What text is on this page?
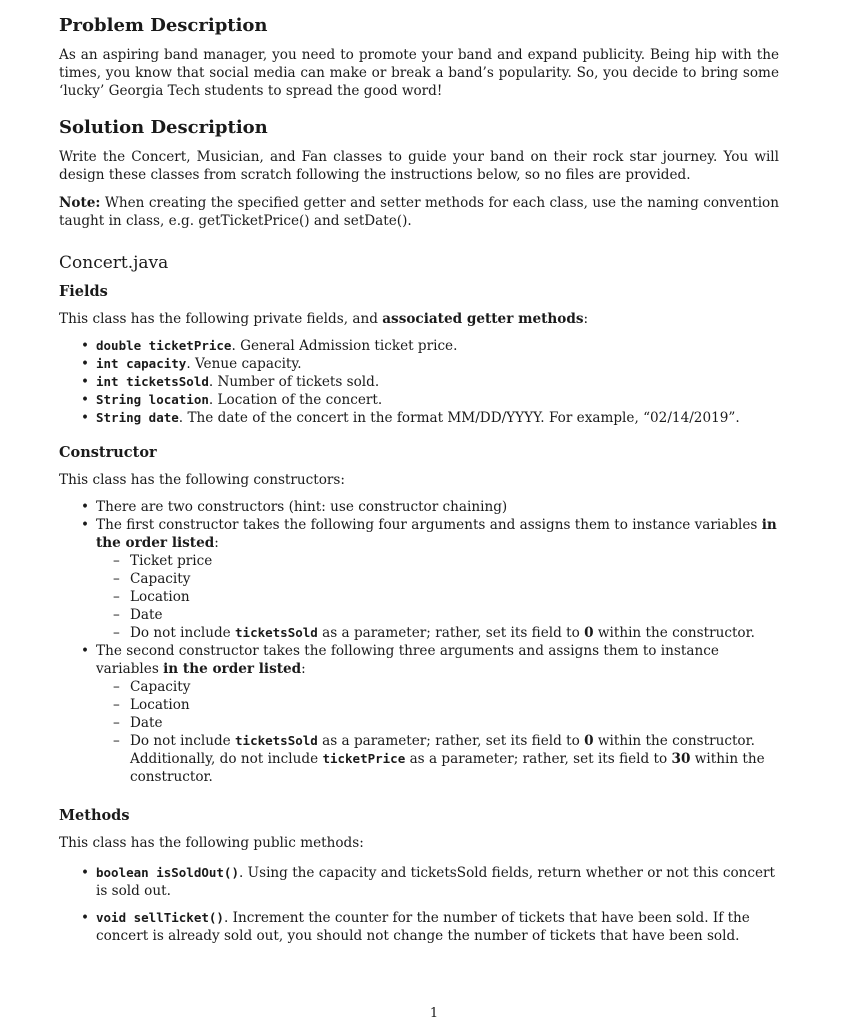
Problem Description

As an aspiring band manager, you need to promote your band and expand publicity. Being hip with the times, you know that social media can make or break a band’s popularity. So, you decide to bring some ‘lucky’ Georgia Tech students to spread the good word!

Solution Description

Write the Concert, Musician, and Fan classes to guide your band on their rock star journey. You will design these classes from scratch following the instructions below, so no files are provided.

Note: When creating the specified getter and setter methods for each class, use the naming convention taught in class, e.g. getTicketPrice() and setDate().

Concert.java
Fields

This class has the following private fields, and associated getter methods:

• double ticketPrice. General Admission ticket price.
• int capacity. Venue capacity.
• int ticketsSold. Number of tickets sold.
• String location. Location of the concert.
• String date. The date of the concert in the format MM/DD/YYYY. For example, “02/14/2019”.
Constructor

This class has the following constructors:

• There are two constructors (hint: use constructor chaining)
• The first constructor takes the following four arguments and assigns them to instance variables in the order listed:
– Ticket price
– Capacity
– Location
– Date
– Do not include ticketsSold as a parameter; rather, set its field to 0 within the constructor.
• The second constructor takes the following three arguments and assigns them to instance variables in the order listed:
– Capacity
– Location
– Date
– Do not include ticketsSold as a parameter; rather, set its field to 0 within the constructor. Additionally, do not include ticketPrice as a parameter; rather, set its field to 30 within the constructor.
Methods

This class has the following public methods:

• boolean isSoldOut(). Using the capacity and ticketsSold fields, return whether or not this concert is sold out.
• void sellTicket(). Increment the counter for the number of tickets that have been sold. If the concert is already sold out, you should not change the number of tickets that have been sold.
1
